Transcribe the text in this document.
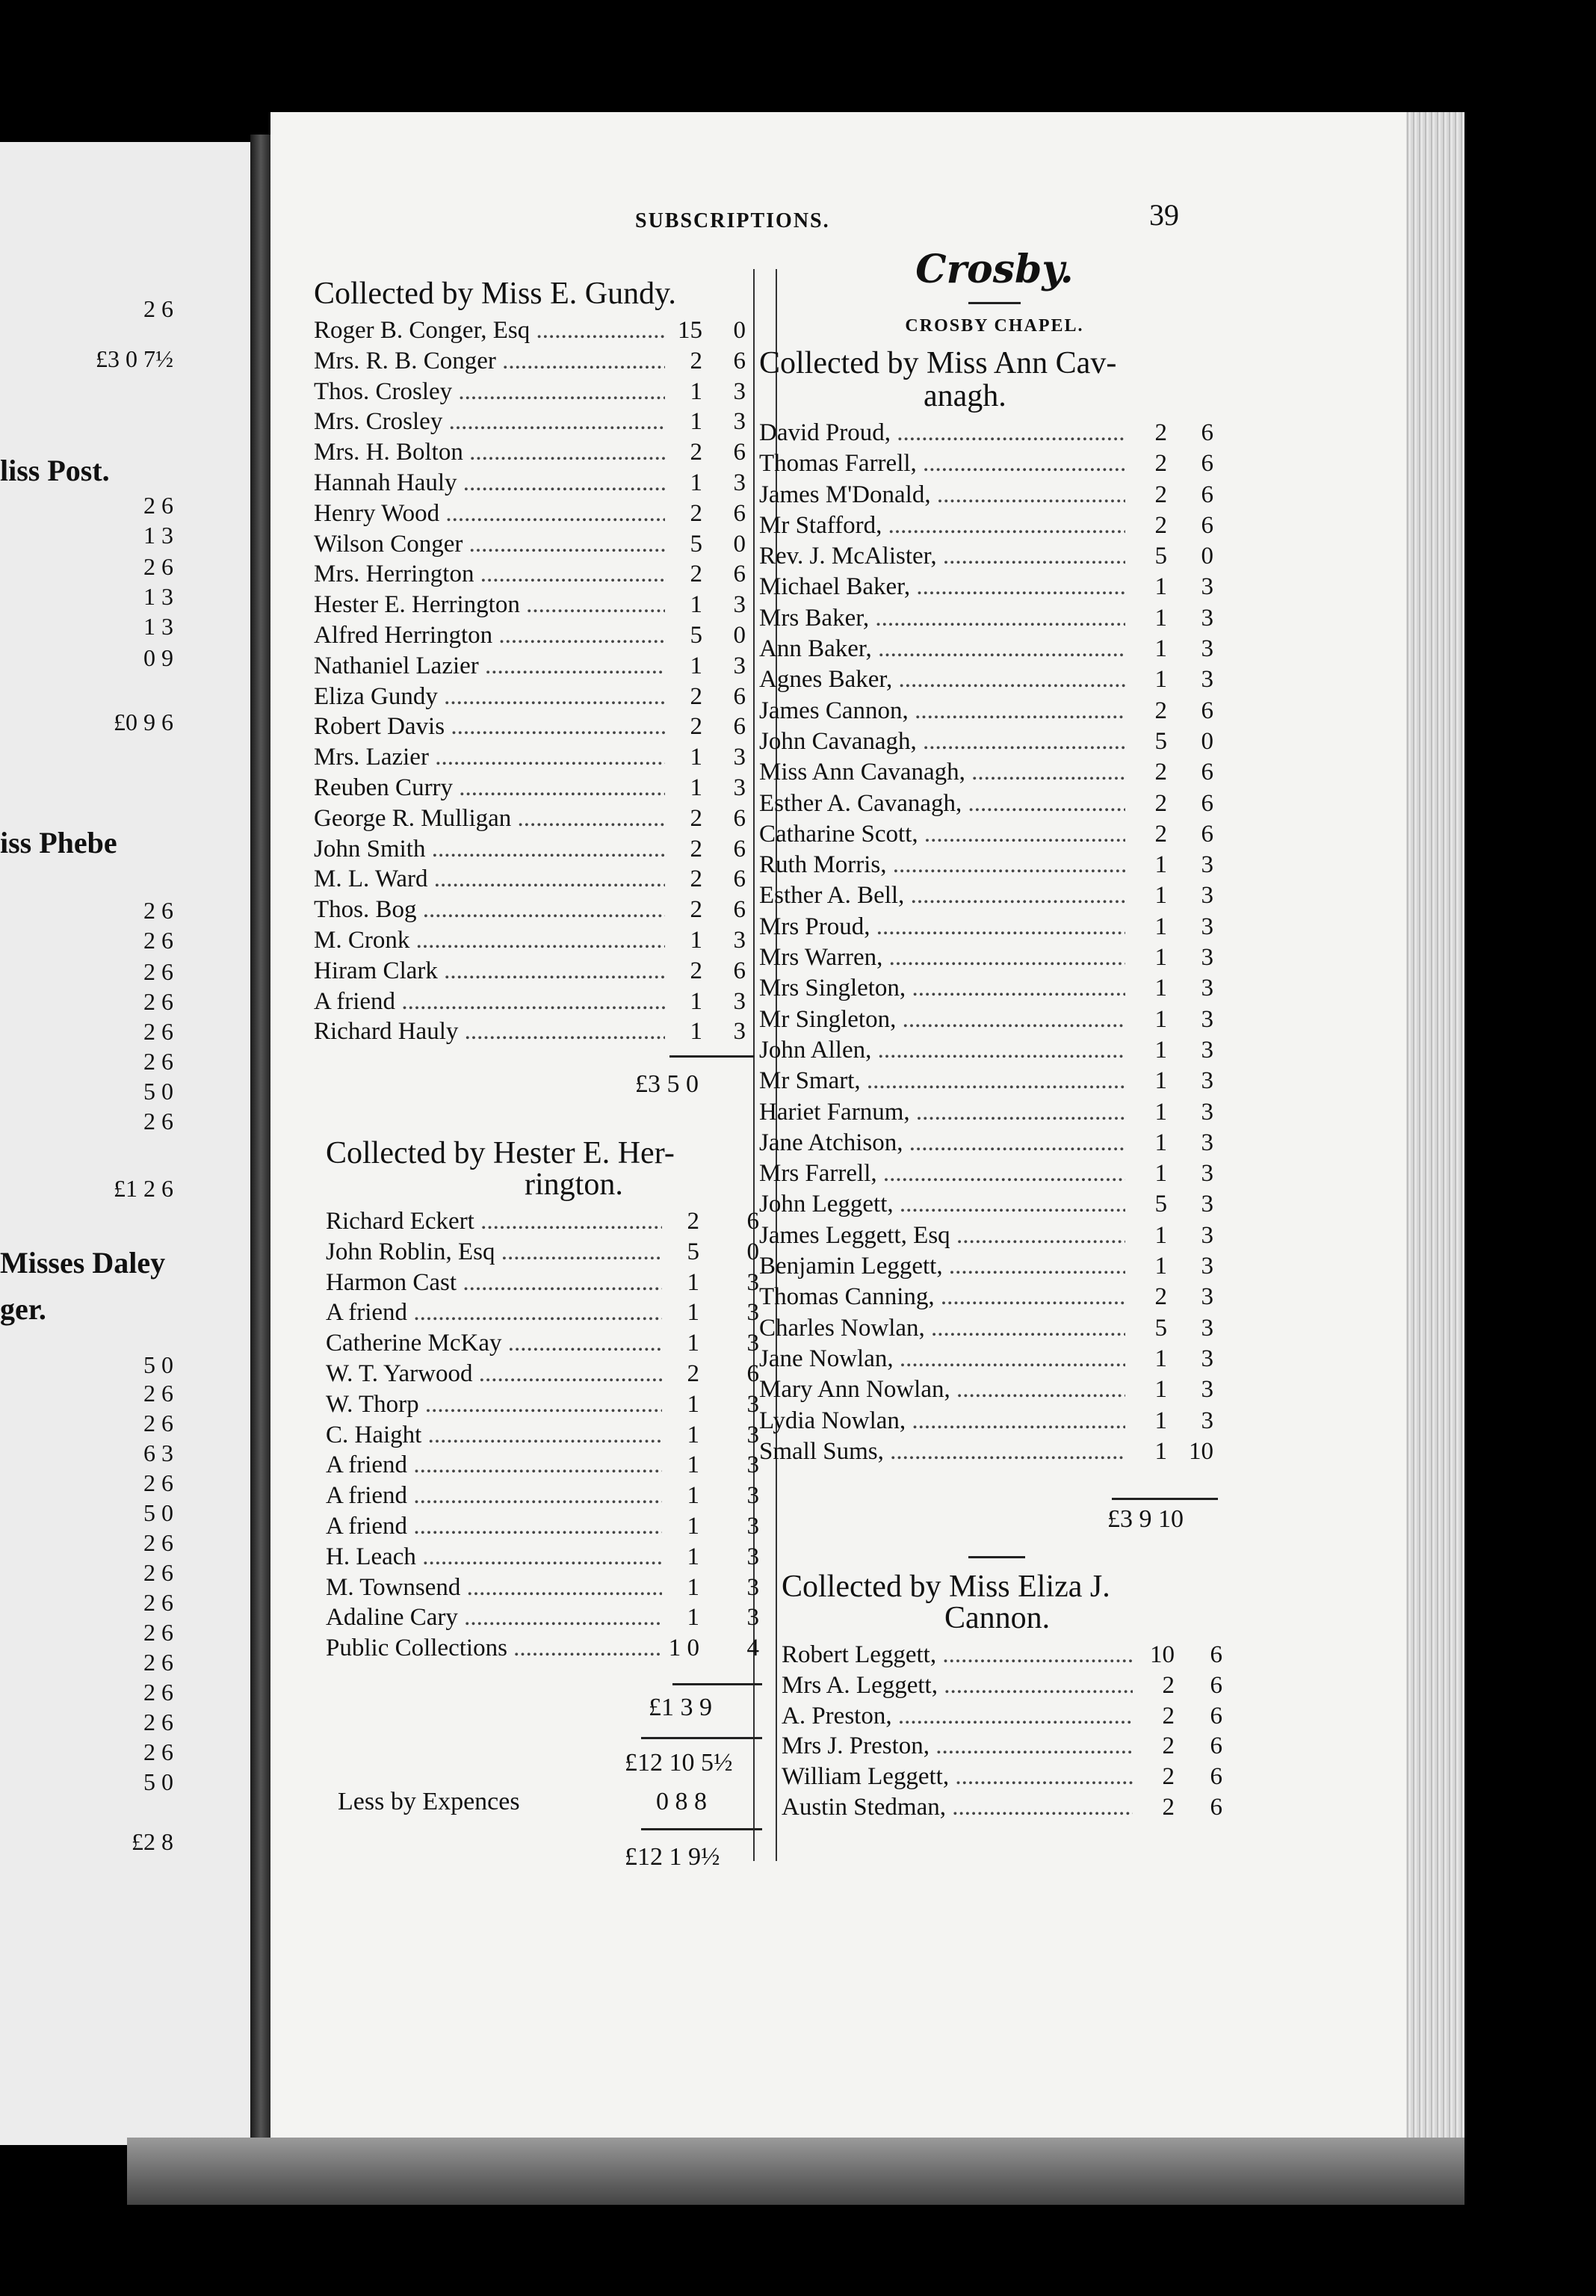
2 6
£3 0 7½
liss Post.
2 6
1 3
2 6
1 3
1 3
0 9
£0 9 6
iss Phebe
2 6
2 6
2 6
2 6
2 6
2 6
5 0
2 6
£1 2 6
Misses Daley
ger.
5 0
2 6
2 6
6 3
2 6
5 0
2 6
2 6
2 6
2 6
2 6
2 6
2 6
2 6
5 0
£2 8
SUBSCRIPTIONS.	39
Collected by Miss E. Gundy.
Roger B. Conger, Esq .....	15	0
Mrs. R. B. Conger .....	2	6
Thos. Crosley .....	1	3
Mrs. Crosley .....	1	3
Mrs. H. Bolton .....	2	6
Hannah Hauly .....	1	3
Henry Wood .....	2	6
Wilson Conger .....	5	0
Mrs. Herrington .....	2	6
Hester E. Herrington .....	1	3
Alfred Herrington .....	5	0
Nathaniel Lazier .....	1	3
Eliza Gundy .....	2	6
Robert Davis .....	2	6
Mrs. Lazier .....	1	3
Reuben Curry .....	1	3
George R. Mulligan .....	2	6
John Smith .....	2	6
M. L. Ward .....	2	6
Thos. Bog .....	2	6
M. Cronk .....	1	3
Hiram Clark .....	2	6
A friend .....	1	3
Richard Hauly .....	1	3
£3 5 0
Collected by Hester E. Her-
rington.
Richard Eckert .....	2	6
John Roblin, Esq .....	5	0
Harmon Cast .....	1	3
A friend .....	1	3
Catherine McKay .....	1	3
W. T. Yarwood .....	2	6
W. Thorp .....	1	3
C. Haight .....	1	3
A friend .....	1	3
A friend .....	1	3
A friend .....	1	3
H. Leach .....	1	3
M. Townsend .....	1	3
Adaline Cary .....	1	3
Public Collections .....	1 0	4
£1 3 9
£12 10 5½
Less by Expences	0 8 8
£12 1 9½
Crosby.
CROSBY CHAPEL.
Collected by Miss Ann Cav-
anagh.
David Proud, .....	2	6
Thomas Farrell, .....	2	6
James M'Donald, .....	2	6
Mr Stafford, .....	2	6
Rev. J. McAlister, .....	5	0
Michael Baker, .....	1	3
Mrs Baker, .....	1	3
Ann Baker, .....	1	3
Agnes Baker, .....	1	3
James Cannon, .....	2	6
John Cavanagh, .....	5	0
Miss Ann Cavanagh, .....	2	6
Esther A. Cavanagh, .....	2	6
Catharine Scott, .....	2	6
Ruth Morris, .....	1	3
Esther A. Bell, .....	1	3
Mrs Proud, .....	1	3
Mrs Warren, .....	1	3
Mrs Singleton, .....	1	3
Mr Singleton, .....	1	3
John Allen, .....	1	3
Mr Smart, .....	1	3
Hariet Farnum, .....	1	3
Jane Atchison, .....	1	3
Mrs Farrell, .....	1	3
John Leggett, .....	5	3
James Leggett, Esq .....	1	3
Benjamin Leggett, .....	1	3
Thomas Canning, .....	2	3
Charles Nowlan, .....	5	3
Jane Nowlan, .....	1	3
Mary Ann Nowlan, .....	1	3
Lydia Nowlan, .....	1	3
Small Sums, .....	1 10
£3 9 10
Collected by Miss Eliza J.
Cannon.
Robert Leggett, .....	10	6
Mrs A. Leggett, .....	2	6
A. Preston, .....	2	6
Mrs J. Preston, .....	2	6
William Leggett, .....	2	6
Austin Stedman, .....	2	6
